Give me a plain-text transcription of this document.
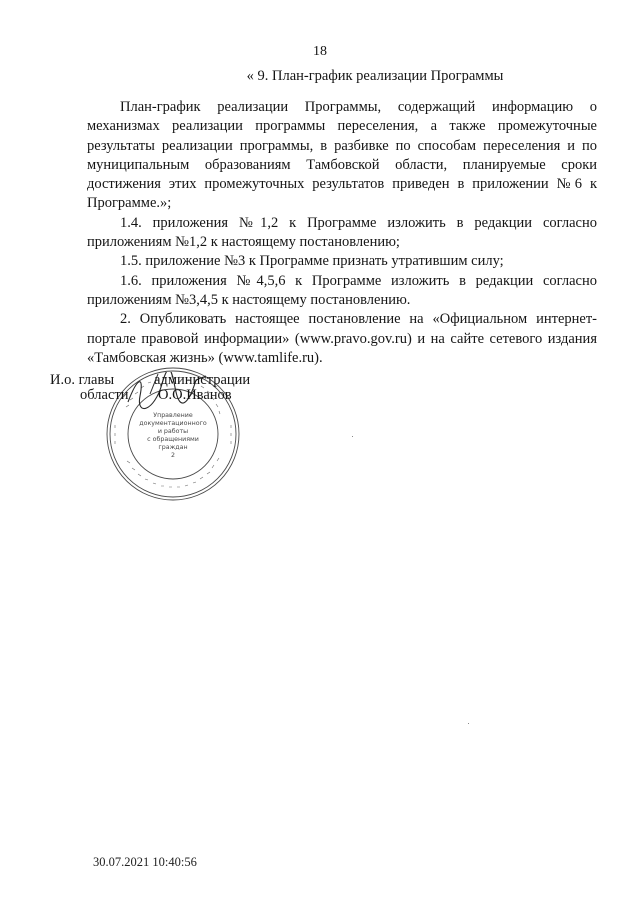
18
« 9. План-график реализации Программы

План-график реализации Программы, содержащий информацию о механизмах реализации программы переселения, а также промежуточные результаты реализации программы, в разбивке по способам переселения и по муниципальным образованиям Тамбовской области, планируемые сроки достижения этих промежуточных результатов приведен в приложении №6 к Программе.»;

1.4. приложения №1,2 к Программе изложить в редакции согласно приложениям №1,2 к настоящему постановлению;

1.5. приложение №3 к Программе признать утратившим силу;

1.6. приложения №4,5,6 к Программе изложить в редакции согласно приложениям №3,4,5 к настоящему постановлению.

2. Опубликовать настоящее постановление на «Официальном интернет-портале правовой информации» (www.pravo.gov.ru) и на сайте сетевого издания «Тамбовская жизнь» (www.tamlife.ru).

Управление
документационного
и работы
с обращениями
граждан
2
И.о. главы	администрации
области	О.О.Иванов
30.07.2021 10:40:56
